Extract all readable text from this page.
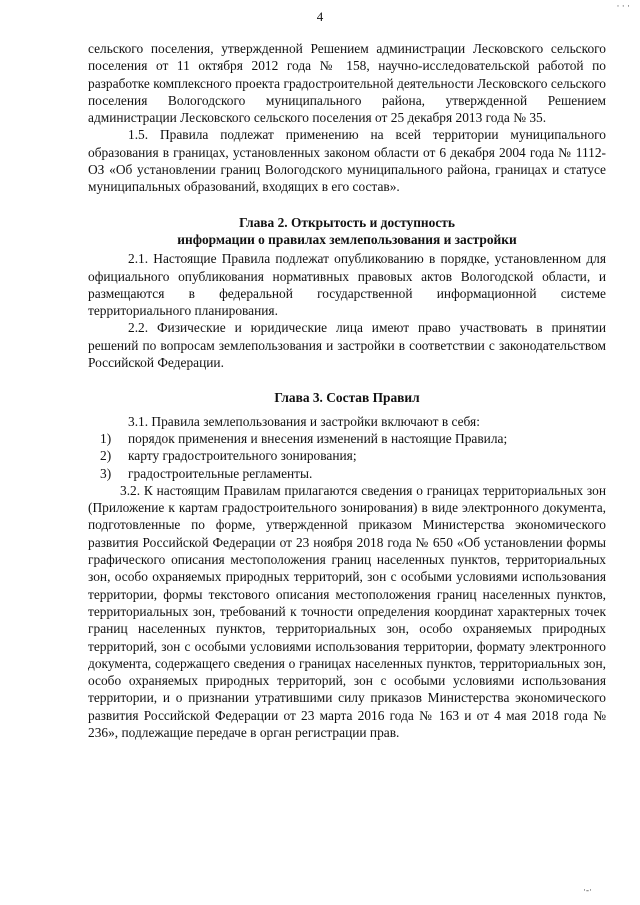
· · ·
4

сельского поселения, утвержденной Решением администрации Лесковского сельского поселения от 11 октября 2012 года № 158, научно-исследовательской работой по разработке комплексного проекта градостроительной деятельности Лесковского сельского поселения Вологодского муниципального района, утвержденной Решением администрации Лесковского сельского поселения от 25 декабря 2013 года № 35.

1.5. Правила подлежат применению на всей территории муниципального образования в границах, установленных законом области от 6 декабря 2004 года № 1112-ОЗ «Об установлении границ Вологодского муниципального района, границах и статусе муниципальных образований, входящих в его состав».

Глава 2. Открытость и доступность
информации о правилах землепользования и застройки

2.1. Настоящие Правила подлежат опубликованию в порядке, установленном для официального опубликования нормативных правовых актов Вологодской области, и размещаются в федеральной государственной информационной системе территориального планирования.

2.2. Физические и юридические лица имеют право участвовать в принятии решений по вопросам землепользования и застройки в соответствии с законодательством Российской Федерации.

Глава 3. Состав Правил

3.1. Правила землепользования и застройки включают в себя:

1)	порядок применения и внесения изменений в настоящие Правила;
2)	карту градостроительного зонирования;
3)	градостроительные регламенты.

3.2. К настоящим Правилам прилагаются сведения о границах территориальных зон (Приложение к картам градостроительного зонирования) в виде электронного документа, подготовленные по форме, утвержденной приказом Министерства экономического развития Российской Федерации от 23 ноября 2018 года № 650 «Об установлении формы графического описания местоположения границ населенных пунктов, территориальных зон, особо охраняемых природных территорий, зон с особыми условиями использования территории, формы текстового описания местоположения границ населенных пунктов, территориальных зон, требований к точности определения координат характерных точек границ населенных пунктов, территориальных зон, особо охраняемых природных территорий, зон с особыми условиями использования территории, формату электронного документа, содержащего сведения о границах населенных пунктов, территориальных зон, особо охраняемых природных территорий, зон с особыми условиями использования территории, и о признании утратившими силу приказов Министерства экономического развития Российской Федерации от 23 марта 2016 года № 163 и от 4 мая 2018 года № 236», подлежащие передаче в орган регистрации прав.

·-·
